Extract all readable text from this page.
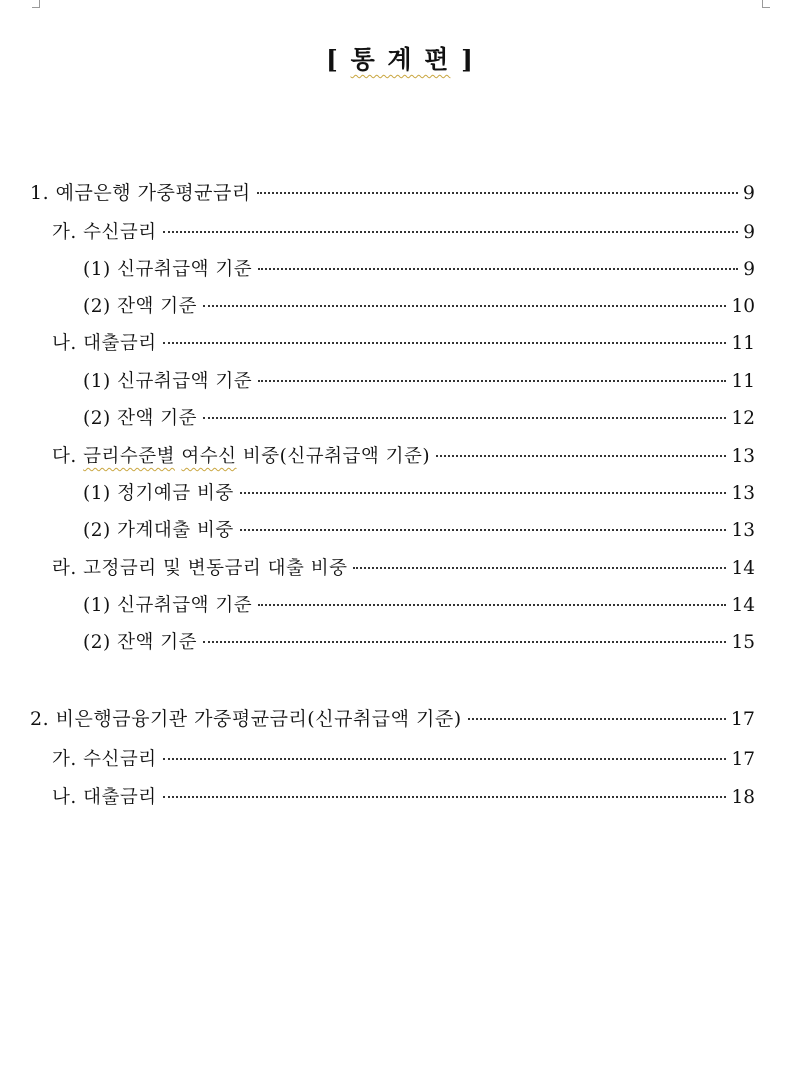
[ 통 계 편 ]
1. 예금은행 가중평균금리	9
가. 수신금리	9
(1) 신규취급액 기준	9
(2) 잔액 기준	10
나. 대출금리	11
(1) 신규취급액 기준	11
(2) 잔액 기준	12
다. 금리수준별 여수신 비중(신규취급액 기준)	13
(1) 정기예금 비중	13
(2) 가계대출 비중	13
라. 고정금리 및 변동금리 대출 비중	14
(1) 신규취급액 기준	14
(2) 잔액 기준	15
2. 비은행금융기관 가중평균금리(신규취급액 기준)	17
가. 수신금리	17
나. 대출금리	18
